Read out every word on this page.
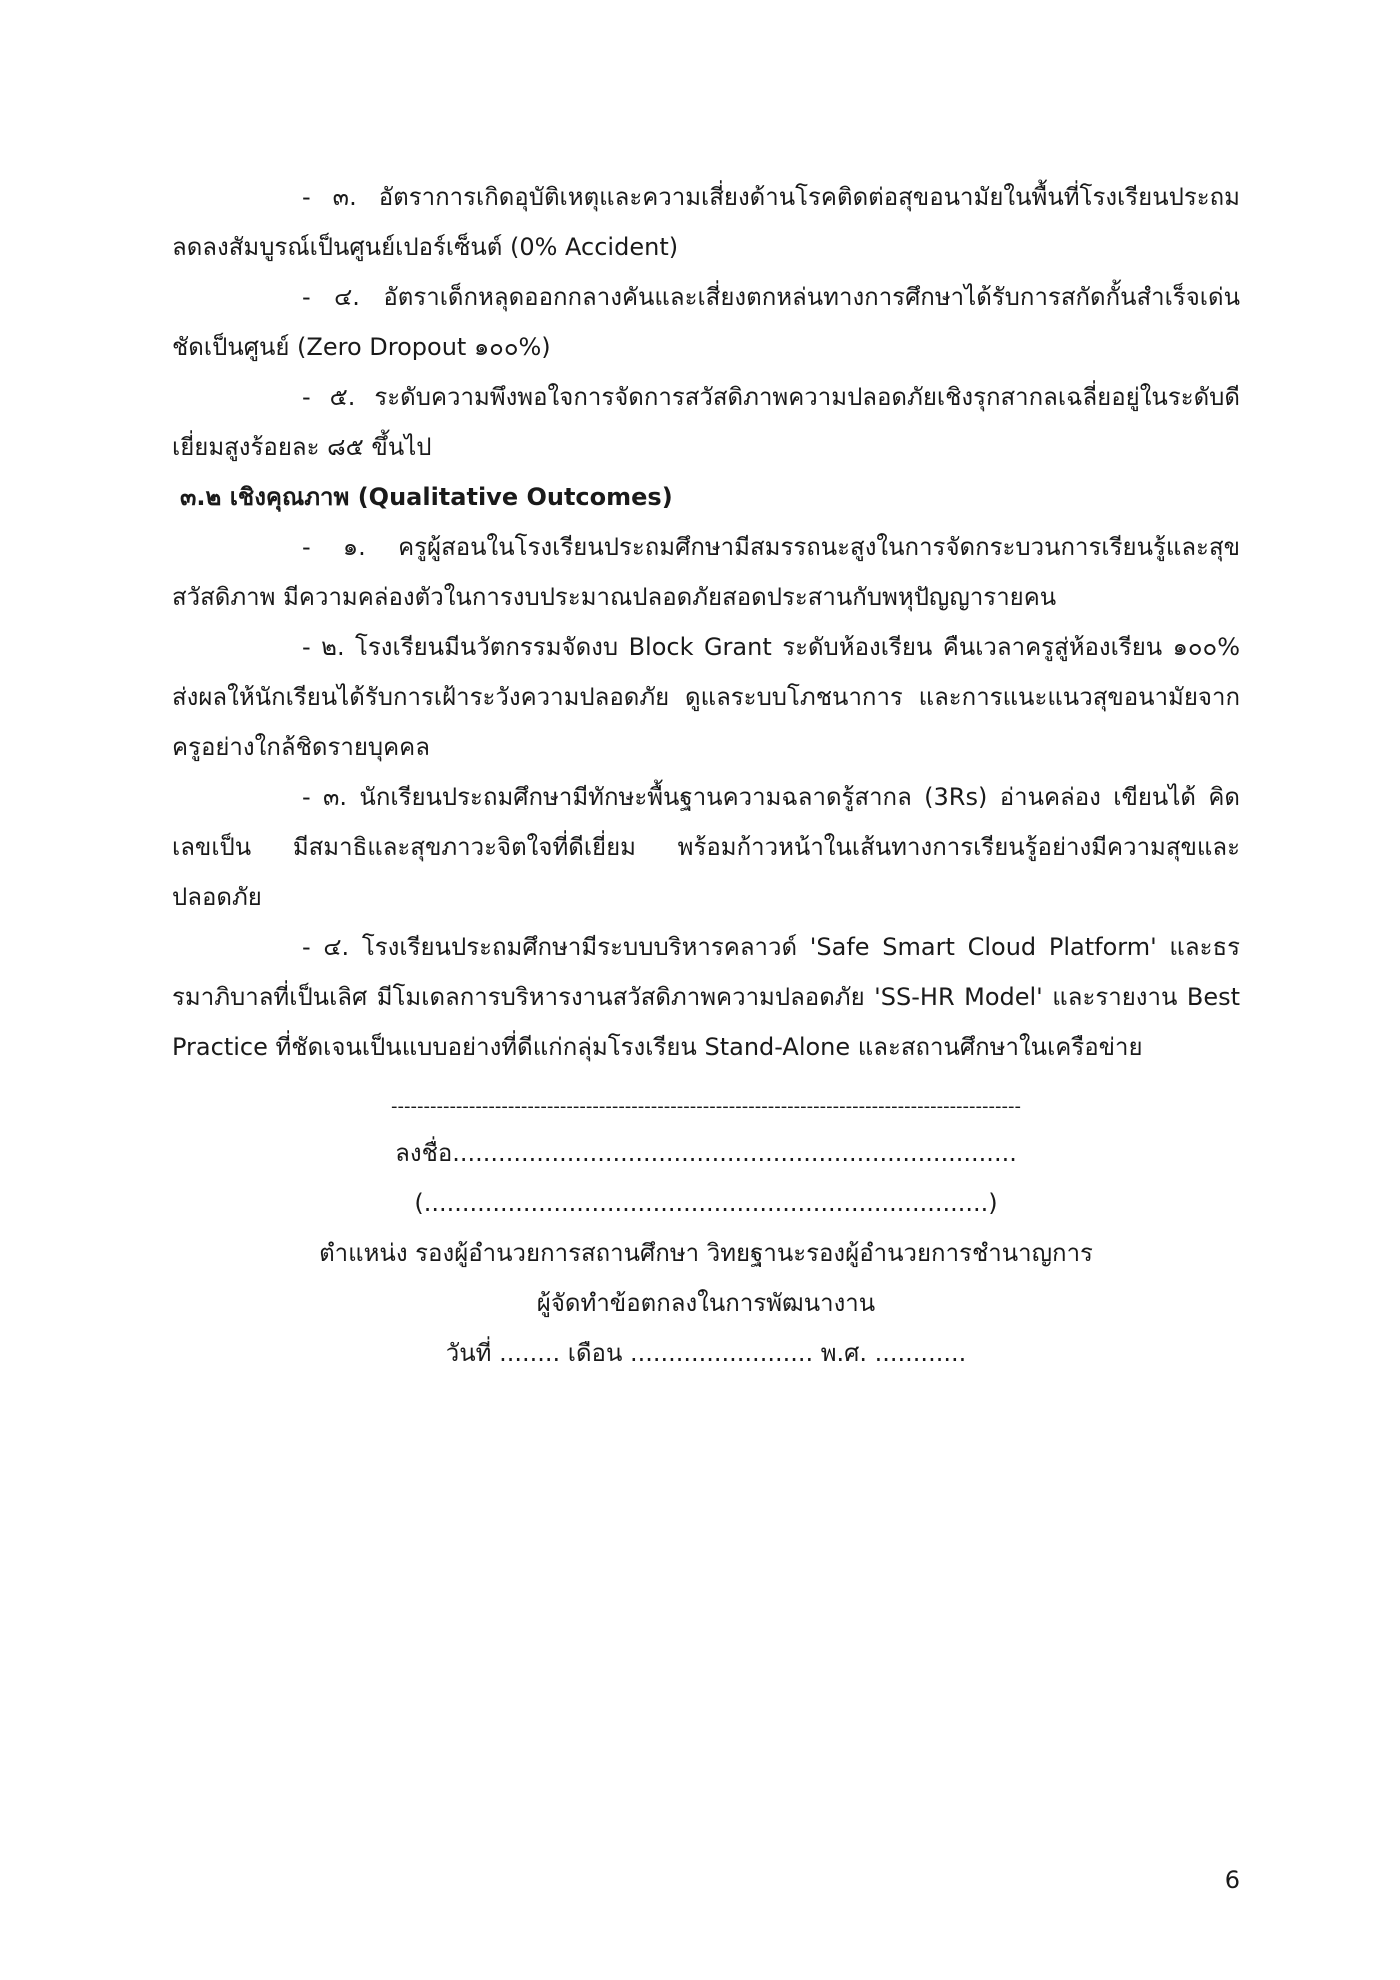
- ๓. อัตราการเกิดอุบัติเหตุและความเสี่ยงด้านโรคติดต่อสุขอนามัยในพื้นที่โรงเรียนประถมลดลงสัมบูรณ์เป็นศูนย์เปอร์เซ็นต์ (0% Accident)

- ๔. อัตราเด็กหลุดออกกลางคันและเสี่ยงตกหล่นทางการศึกษาได้รับการสกัดกั้นสำเร็จเด่นชัดเป็นศูนย์ (Zero Dropout ๑๐๐%)

- ๕. ระดับความพึงพอใจการจัดการสวัสดิภาพความปลอดภัยเชิงรุกสากลเฉลี่ยอยู่ในระดับดีเยี่ยมสูงร้อยละ ๘๕ ขึ้นไป

๓.๒ เชิงคุณภาพ (Qualitative Outcomes)

- ๑. ครูผู้สอนในโรงเรียนประถมศึกษามีสมรรถนะสูงในการจัดกระบวนการเรียนรู้และสุขสวัสดิภาพ มีความคล่องตัวในการงบประมาณปลอดภัยสอดประสานกับพหุปัญญารายคน

- ๒. โรงเรียนมีนวัตกรรมจัดงบ Block Grant ระดับห้องเรียน คืนเวลาครูสู่ห้องเรียน ๑๐๐% ส่งผลให้นักเรียนได้รับการเฝ้าระวังความปลอดภัย ดูแลระบบโภชนาการ และการแนะแนวสุขอนามัยจากครูอย่างใกล้ชิดรายบุคคล

- ๓. นักเรียนประถมศึกษามีทักษะพื้นฐานความฉลาดรู้สากล (3Rs) อ่านคล่อง เขียนได้ คิดเลขเป็น มีสมาธิและสุขภาวะจิตใจที่ดีเยี่ยม พร้อมก้าวหน้าในเส้นทางการเรียนรู้อย่างมีความสุขและปลอดภัย

- ๔. โรงเรียนประถมศึกษามีระบบบริหารคลาวด์ 'Safe Smart Cloud Platform' และธรรมาภิบาลที่เป็นเลิศ มีโมเดลการบริหารงานสวัสดิภาพความปลอดภัย 'SS-HR Model' และรายงาน Best Practice ที่ชัดเจนเป็นแบบอย่างที่ดีแก่กลุ่มโรงเรียน Stand-Alone และสถานศึกษาในเครือข่าย

-------------------------------------------------------------------------------------------------

ลงชื่อ..........................................................................

(..........................................................................)

ตำแหน่ง รองผู้อำนวยการสถานศึกษา วิทยฐานะรองผู้อำนวยการชำนาญการ

ผู้จัดทำข้อตกลงในการพัฒนางาน

วันที่ ........ เดือน ........................ พ.ศ. ............

6
